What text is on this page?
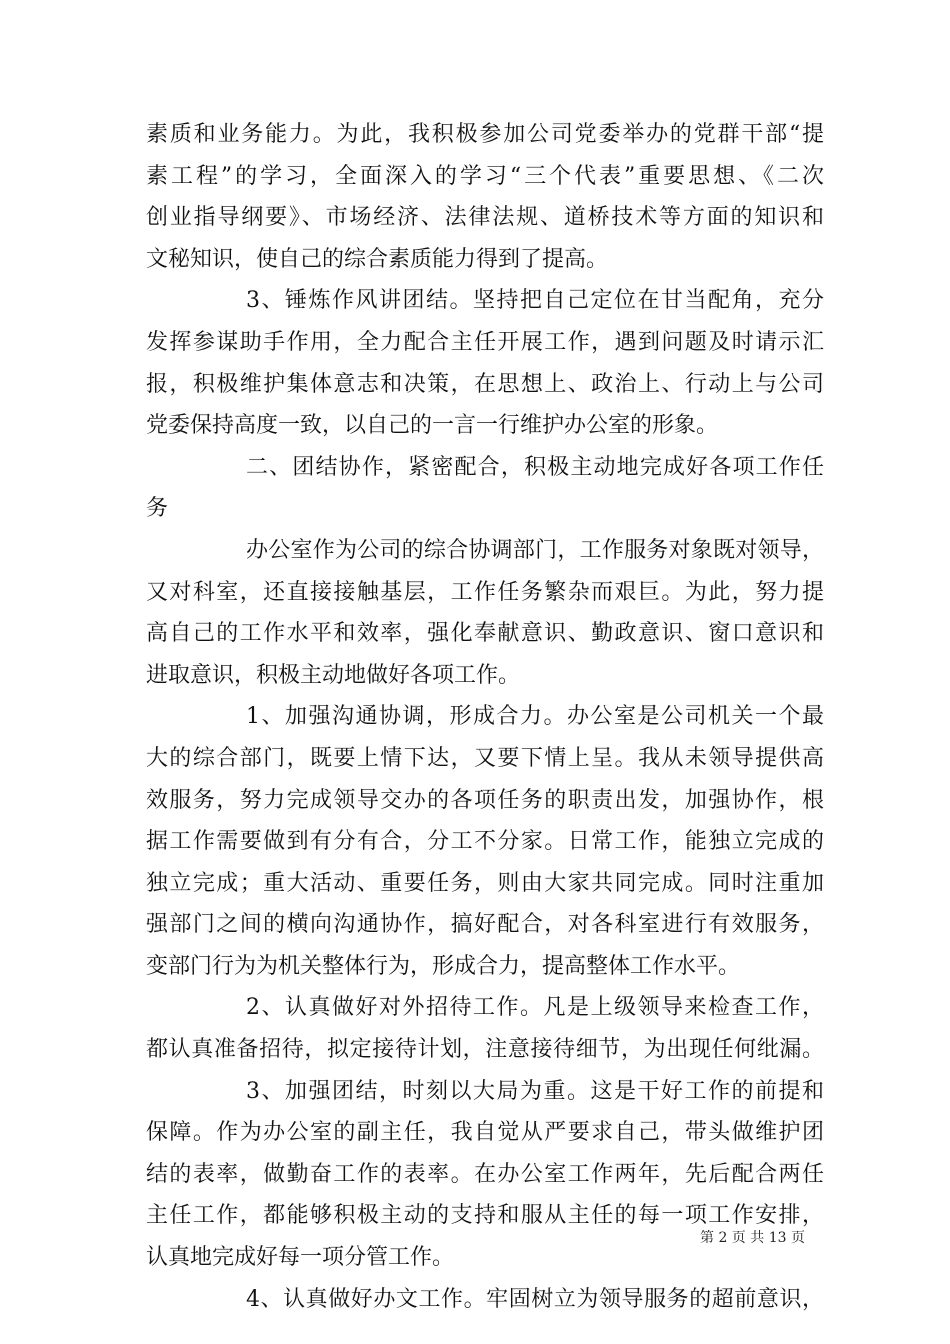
素质和业务能力。为此，我积极参加公司党委举办的党群干部“提
素工程”的学习，全面深入的学习“三个代表”重要思想、《二次
创业指导纲要》、市场经济、法律法规、道桥技术等方面的知识和
文秘知识，使自己的综合素质能力得到了提高。
3、锤炼作风讲团结。坚持把自己定位在甘当配角，充分
发挥参谋助手作用，全力配合主任开展工作，遇到问题及时请示汇
报，积极维护集体意志和决策，在思想上、政治上、行动上与公司
党委保持高度一致，以自己的一言一行维护办公室的形象。
二、团结协作，紧密配合，积极主动地完成好各项工作任
务
办公室作为公司的综合协调部门，工作服务对象既对领导，
又对科室，还直接接触基层，工作任务繁杂而艰巨。为此，努力提
高自己的工作水平和效率，强化奉献意识、勤政意识、窗口意识和
进取意识，积极主动地做好各项工作。
1、加强沟通协调，形成合力。办公室是公司机关一个最
大的综合部门，既要上情下达，又要下情上呈。我从未领导提供高
效服务，努力完成领导交办的各项任务的职责出发，加强协作，根
据工作需要做到有分有合，分工不分家。日常工作，能独立完成的
独立完成；重大活动、重要任务，则由大家共同完成。同时注重加
强部门之间的横向沟通协作，搞好配合，对各科室进行有效服务，
变部门行为为机关整体行为，形成合力，提高整体工作水平。
2、认真做好对外招待工作。凡是上级领导来检查工作，
都认真准备招待，拟定接待计划，注意接待细节，为出现任何纰漏。
3、加强团结，时刻以大局为重。这是干好工作的前提和
保障。作为办公室的副主任，我自觉从严要求自己，带头做维护团
结的表率，做勤奋工作的表率。在办公室工作两年，先后配合两任
主任工作，都能够积极主动的支持和服从主任的每一项工作安排，
认真地完成好每一项分管工作。
4、认真做好办文工作。牢固树立为领导服务的超前意识，
第 2 页 共 13 页
